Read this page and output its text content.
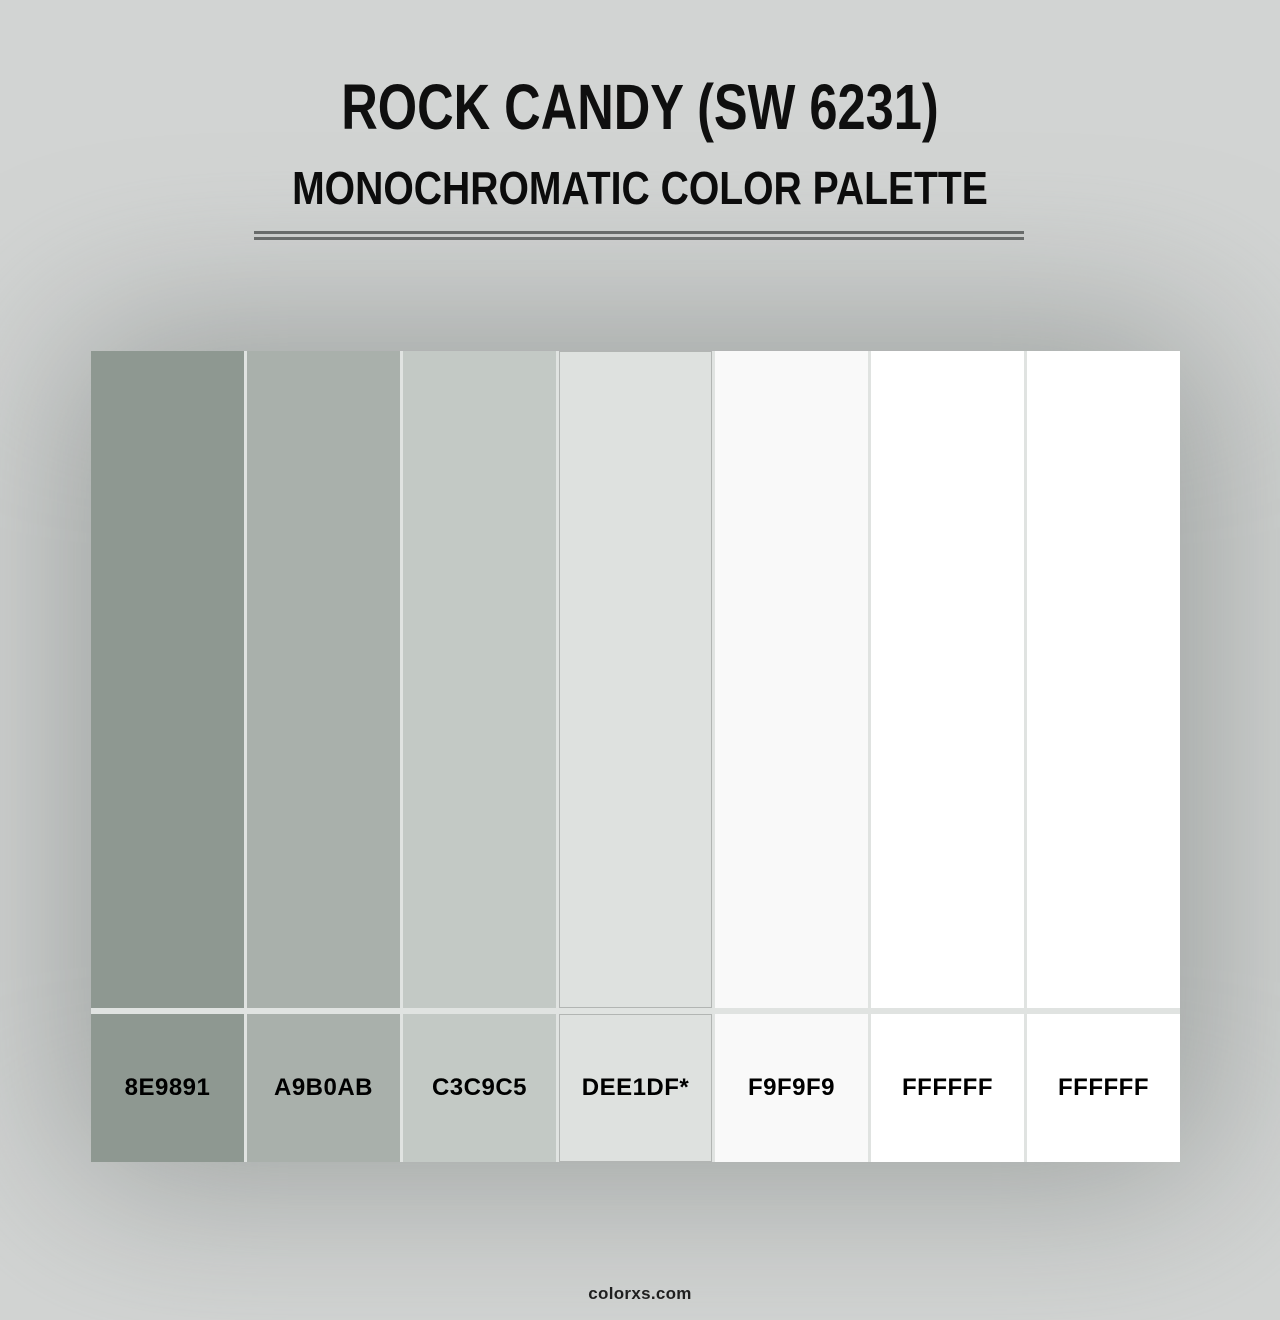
ROCK CANDY (SW 6231)
MONOCHROMATIC COLOR PALETTE
8E9891	A9B0AB C3C9C5 DEE1DF* F9F9F9	FFFFFF	FFFFFF
colorxs.com
